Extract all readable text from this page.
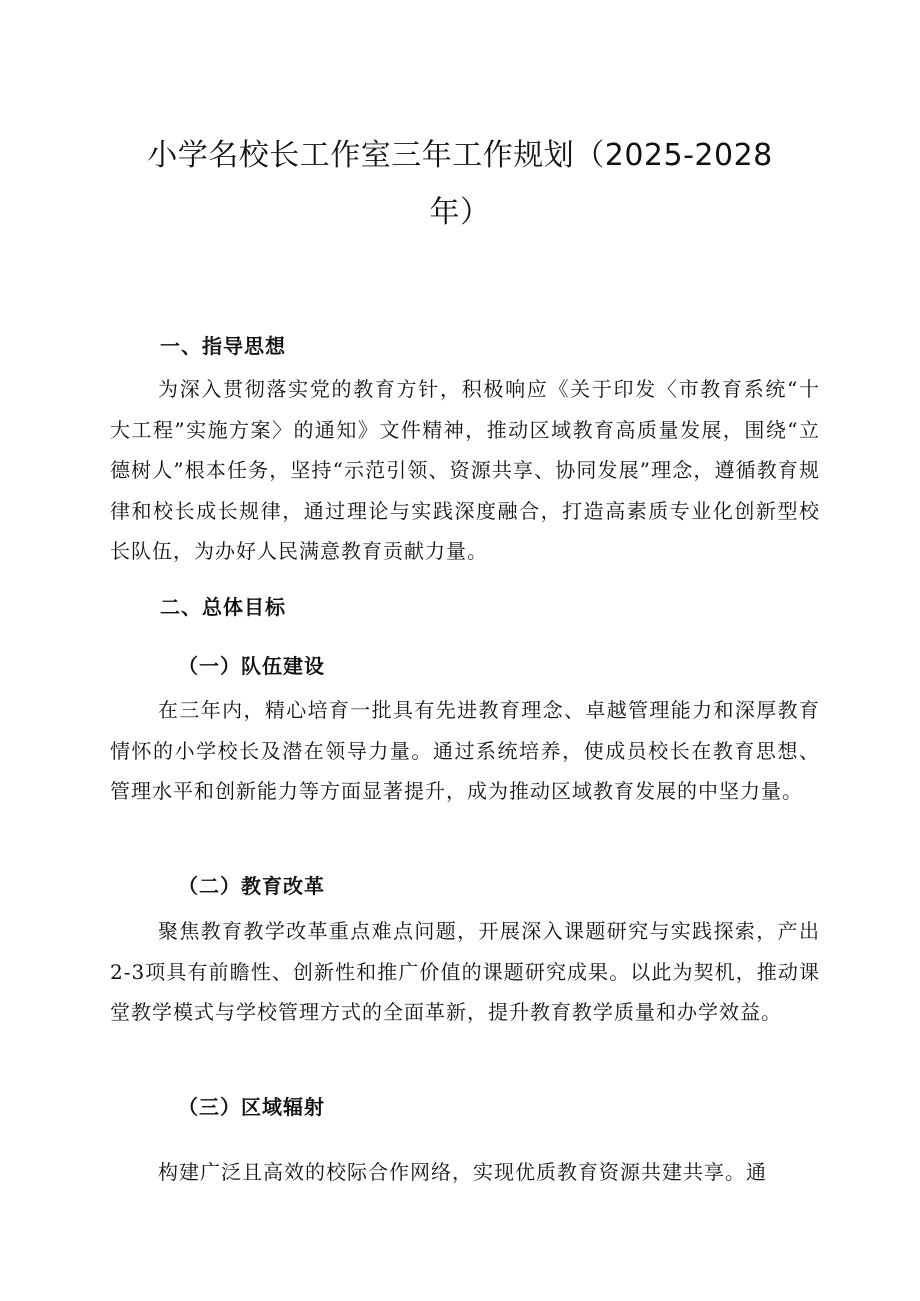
小学名校长工作室三年工作规划（2025-2028
年）
一、指导思想

为深入贯彻落实党的教育方针，积极响应《关于印发〈市教育系统“十大工程”实施方案〉的通知》文件精神，推动区域教育高质量发展，围绕“立德树人”根本任务，坚持“示范引领、资源共享、协同发展”理念，遵循教育规律和校长成长规律，通过理论与实践深度融合，打造高素质专业化创新型校长队伍，为办好人民满意教育贡献力量。

二、总体目标
（一）队伍建设

在三年内，精心培育一批具有先进教育理念、卓越管理能力和深厚教育情怀的小学校长及潜在领导力量。通过系统培养，使成员校长在教育思想、管理水平和创新能力等方面显著提升，成为推动区域教育发展的中坚力量。

（二）教育改革

聚焦教育教学改革重点难点问题，开展深入课题研究与实践探索，产出2-3项具有前瞻性、创新性和推广价值的课题研究成果。以此为契机，推动课堂教学模式与学校管理方式的全面革新，提升教育教学质量和办学效益。

（三）区域辐射

构建广泛且高效的校际合作网络，实现优质教育资源共建共享。通
